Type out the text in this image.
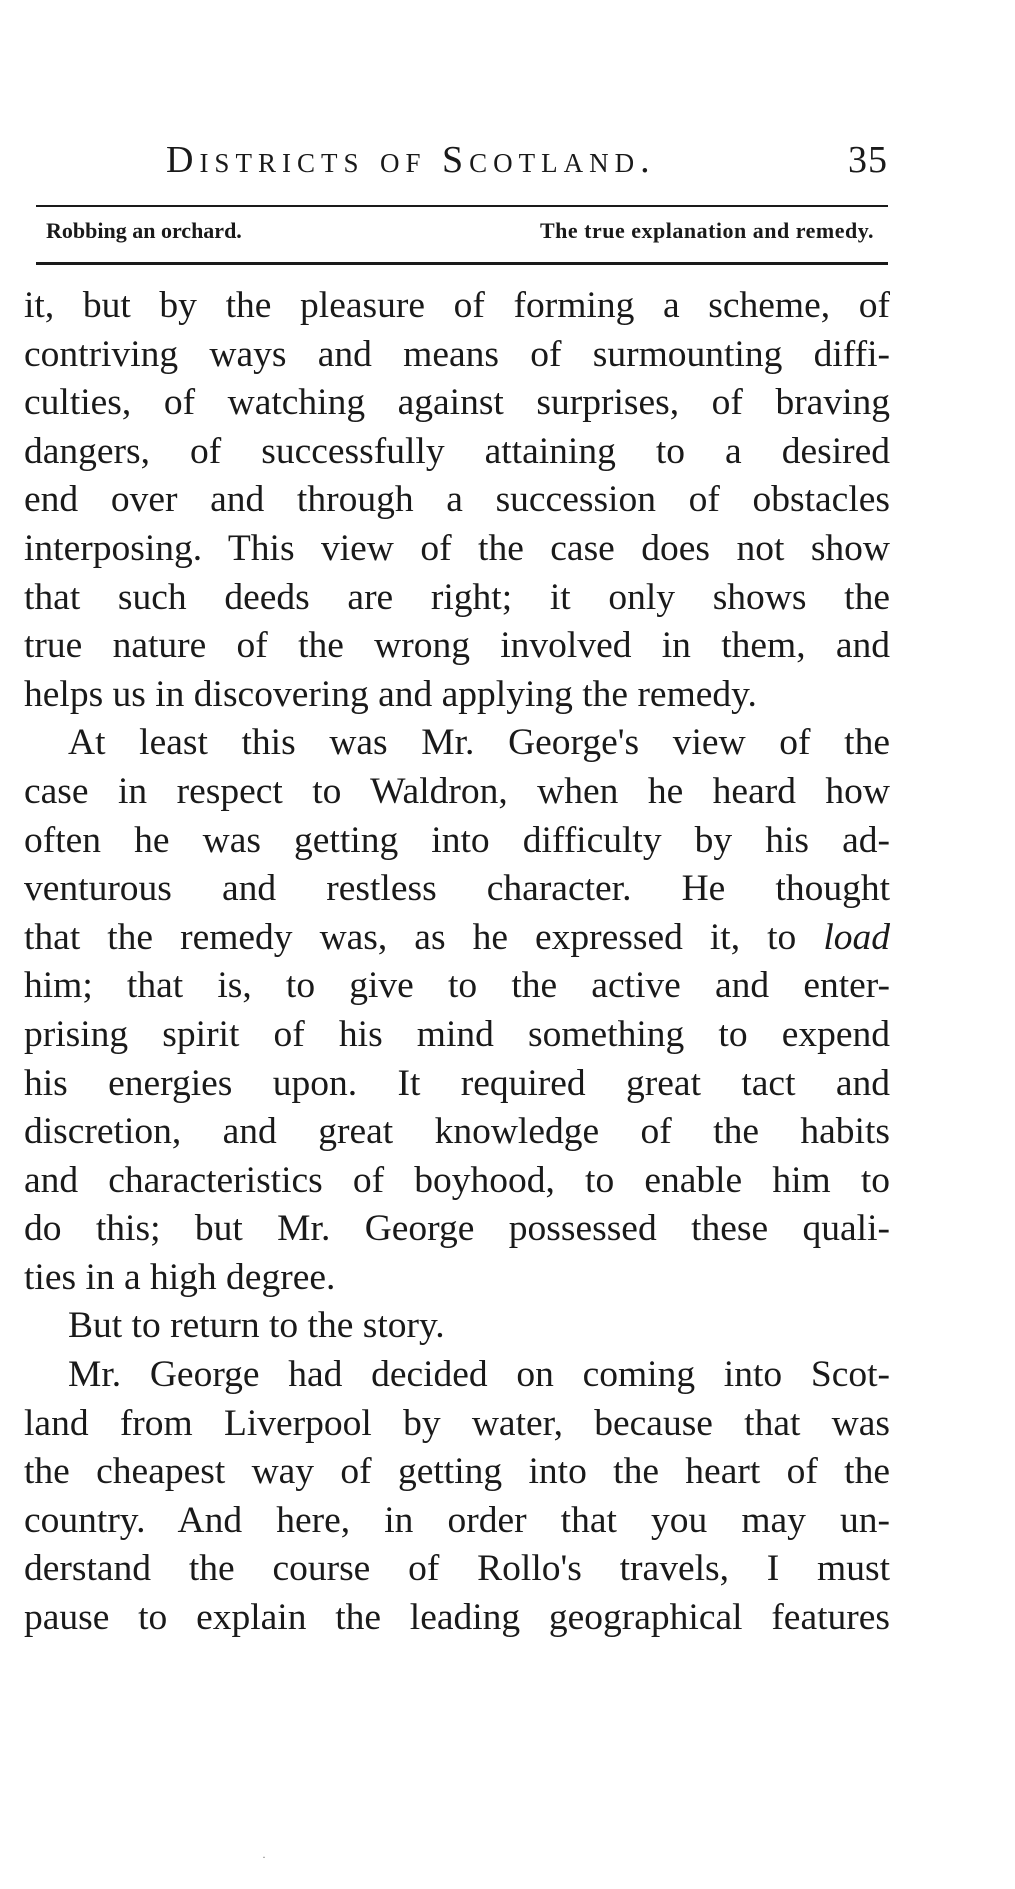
Districts of Scotland.	35
Robbing an orchard.	The true explanation and remedy.
it, but by the pleasure of forming a scheme, of
contriving ways and means of surmounting diffi-
culties, of watching against surprises, of braving
dangers, of successfully attaining to a desired
end over and through a succession of obstacles
interposing. This view of the case does not show
that such deeds are right; it only shows the
true nature of the wrong involved in them, and
helps us in discovering and applying the remedy.
At least this was Mr. George's view of the
case in respect to Waldron, when he heard how
often he was getting into difficulty by his ad-
venturous and restless character. He thought
that the remedy was, as he expressed it, to load
him; that is, to give to the active and enter-
prising spirit of his mind something to expend
his energies upon. It required great tact and
discretion, and great knowledge of the habits
and characteristics of boyhood, to enable him to
do this; but Mr. George possessed these quali-
ties in a high degree.
But to return to the story.
Mr. George had decided on coming into Scot-
land from Liverpool by water, because that was
the cheapest way of getting into the heart of the
country. And here, in order that you may un-
derstand the course of Rollo's travels, I must
pause to explain the leading geographical features
·
